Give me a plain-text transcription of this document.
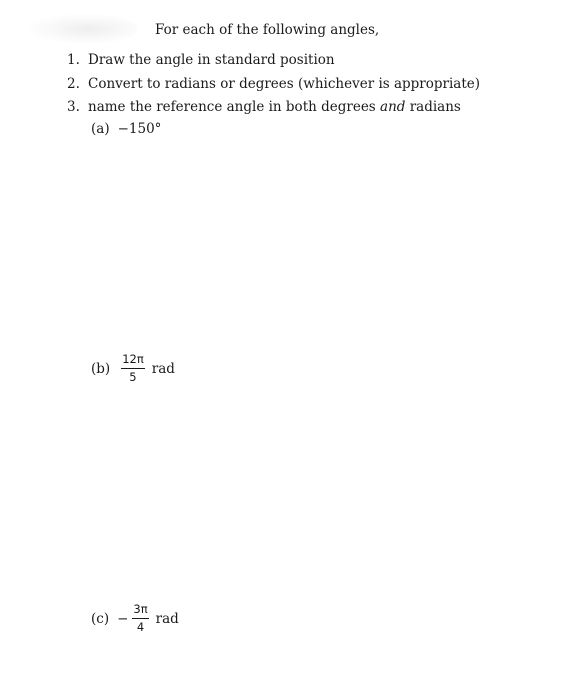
For each of the following angles,
1. Draw the angle in standard position
2. Convert to radians or degrees (whichever is appropriate)
3. name the reference angle in both degrees and radians
(a) −150°
$(b) \frac{12\pi}{5}$ rad
$(c) - \frac{3\pi}{4}$ rad
